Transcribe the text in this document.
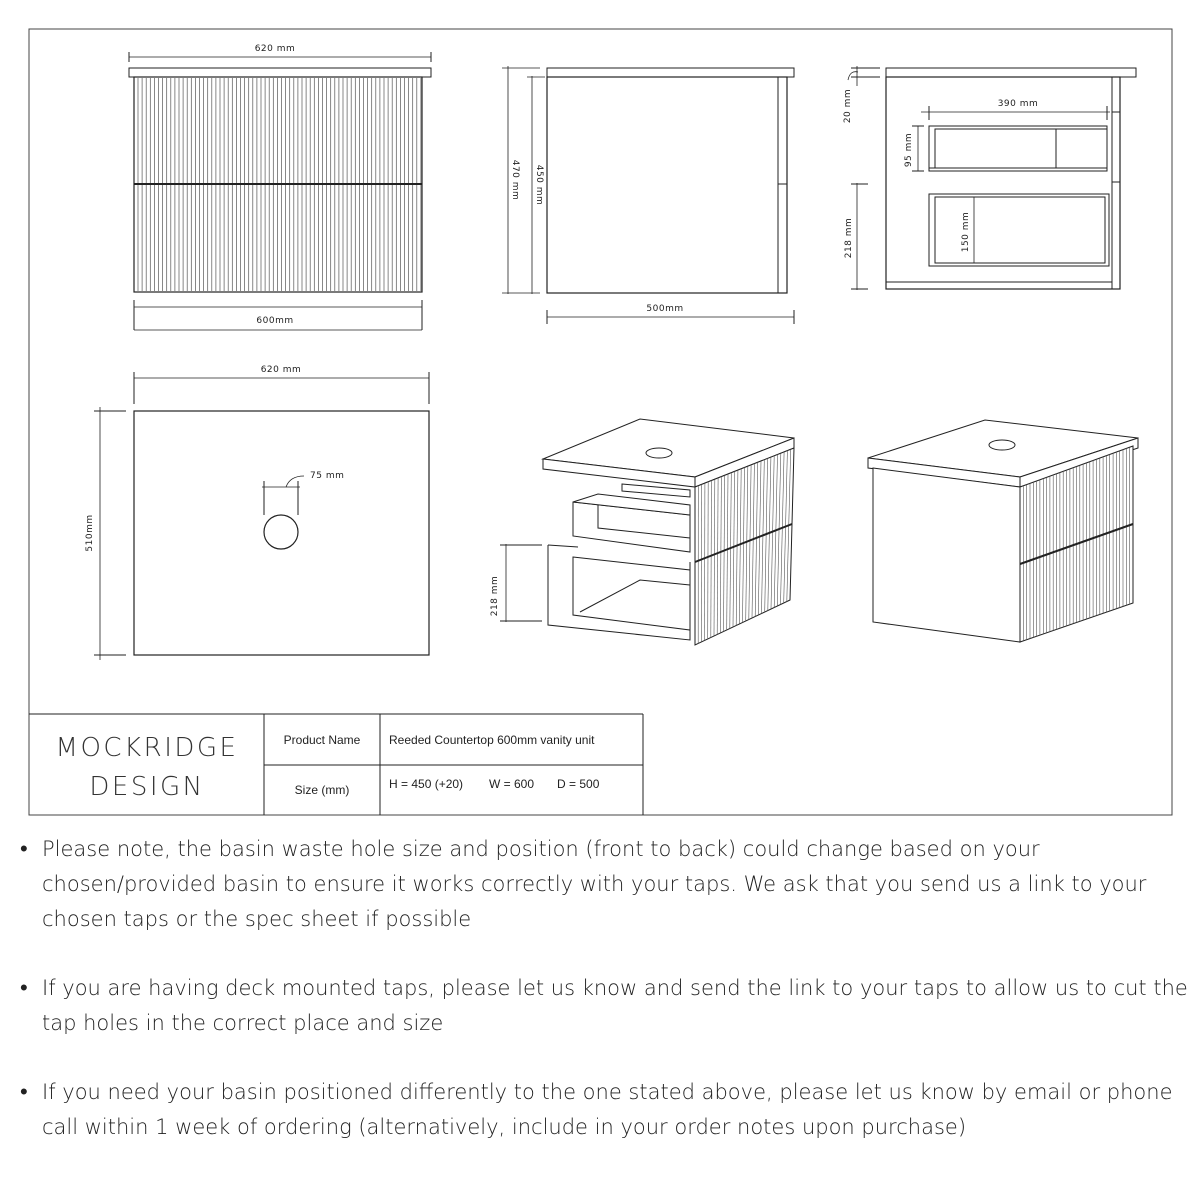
620 mm
600mm
470 mm 450 mm
500mm
390 mm
95 mm
150 mm
20 mm
218 mm
620 mm
510mm
75 mm
218 mm
MOCKRIDGE
DESIGN
Product Name Reeded Countertop 600mm vanity unit
Size (mm)	H = 450 (+20) W = 600 D = 500
• Please note, the basin waste hole size and position (front to back) could change based on your chosen/provided basin to ensure it works correctly with your taps. We ask that you send us a link to your chosen taps or the spec sheet if possible
• If you are having deck mounted taps, please let us know and send the link to your taps to allow us to cut the tap holes in the correct place and size
• If you need your basin positioned differently to the one stated above, please let us know by email or phone call within 1 week of ordering (alternatively, include in your order notes upon purchase)
